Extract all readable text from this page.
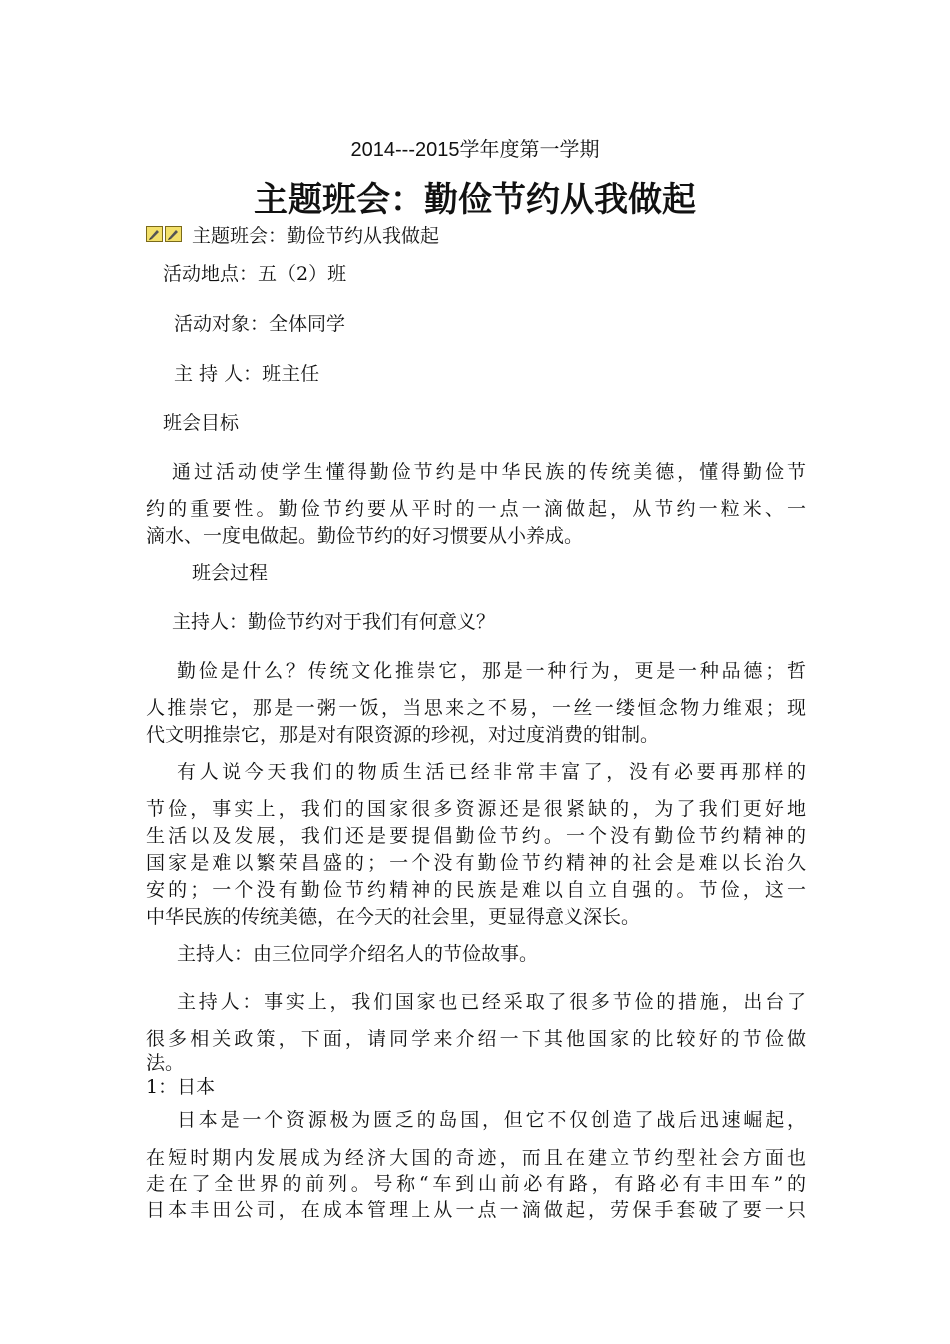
2014---2015学年度第一学期

主题班会：勤俭节约从我做起

主题班会：勤俭节约从我做起

活动地点：五（2）班

活动对象：全体同学

主 持 人：班主任

班会目标

通过活动使学生懂得勤俭节约是中华民族的传统美德，懂得勤俭节

约的重要性。勤俭节约要从平时的一点一滴做起，从节约一粒米、一

滴水、一度电做起。勤俭节约的好习惯要从小养成。

班会过程

主持人：勤俭节约对于我们有何意义？

勤俭是什么？传统文化推崇它，那是一种行为，更是一种品德；哲

人推崇它，那是一粥一饭，当思来之不易，一丝一缕恒念物力维艰；现

代文明推崇它，那是对有限资源的珍视，对过度消费的钳制。

有人说今天我们的物质生活已经非常丰富了，没有必要再那样的

节俭，事实上，我们的国家很多资源还是很紧缺的，为了我们更好地

生活以及发展，我们还是要提倡勤俭节约。一个没有勤俭节约精神的

国家是难以繁荣昌盛的；一个没有勤俭节约精神的社会是难以长治久

安的；一个没有勤俭节约精神的民族是难以自立自强的。节俭，这一

中华民族的传统美德，在今天的社会里，更显得意义深长。

主持人：由三位同学介绍名人的节俭故事。

主持人：事实上，我们国家也已经采取了很多节俭的措施，出台了

很多相关政策，下面，请同学来介绍一下其他国家的比较好的节俭做

法。

1：日本

日本是一个资源极为匮乏的岛国，但它不仅创造了战后迅速崛起，

在短时期内发展成为经济大国的奇迹，而且在建立节约型社会方面也

走在了全世界的前列。号称“车到山前必有路，有路必有丰田车”的

日本丰田公司，在成本管理上从一点一滴做起，劳保手套破了要一只
